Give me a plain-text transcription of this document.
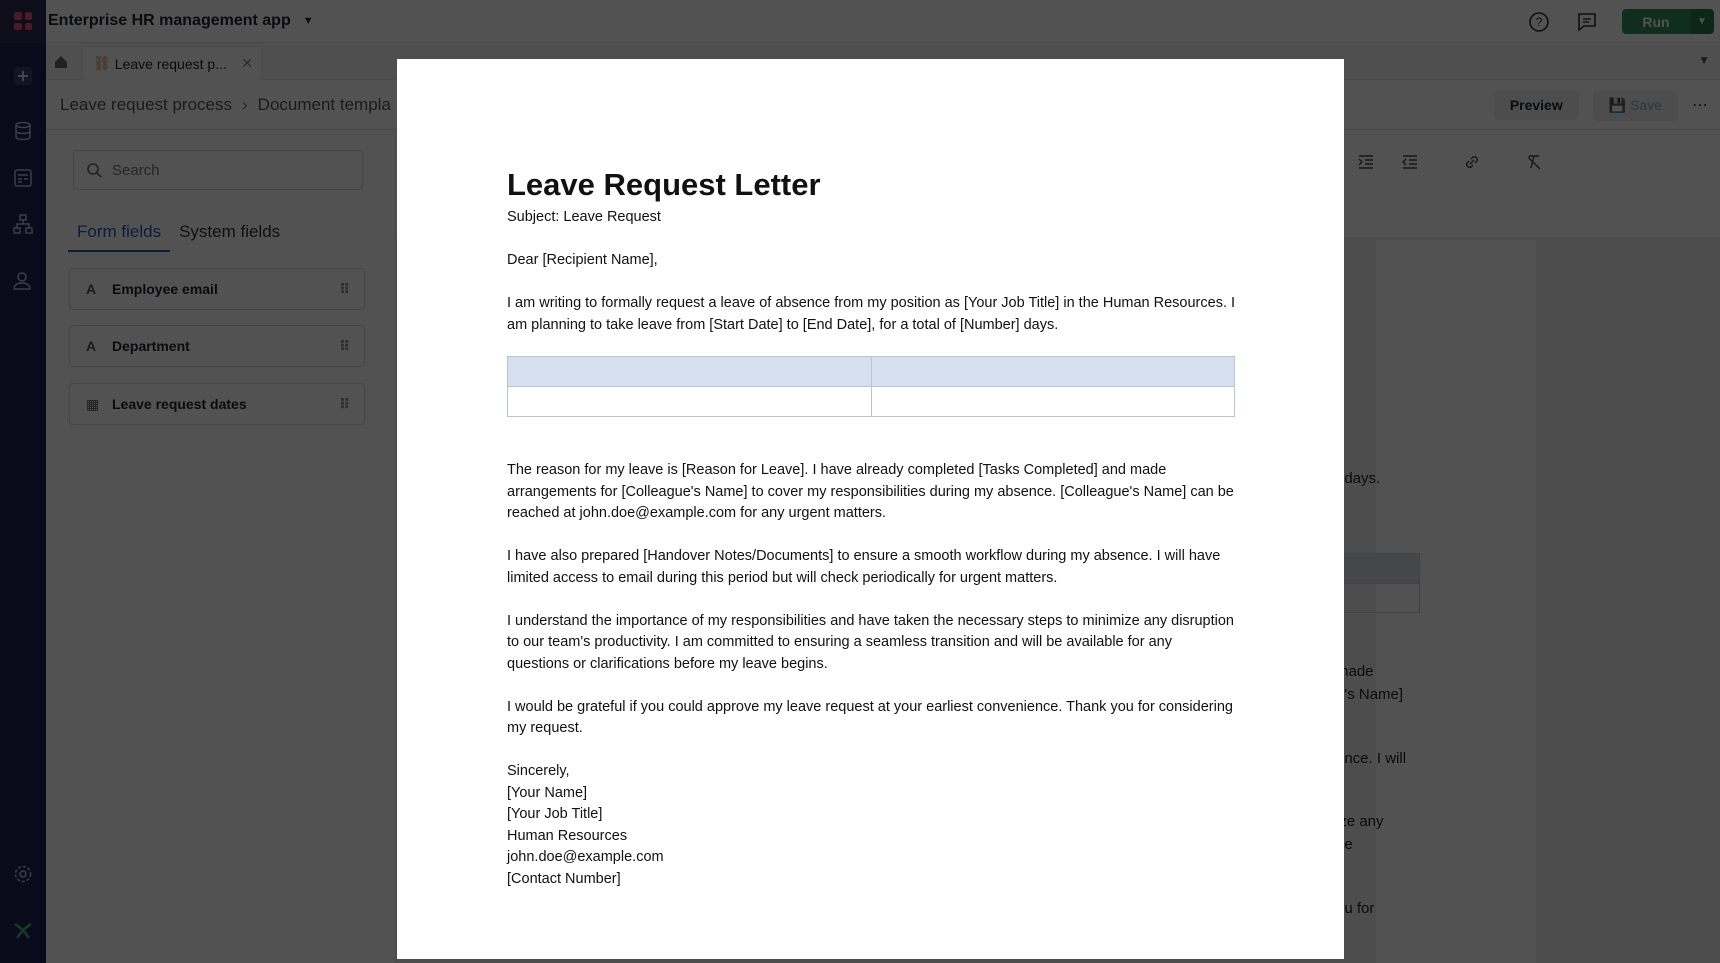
Search
Leave Request Letter
Subject: Leave Request
Dear [Recipient Name],
I am writing to formally request a leave of absence from my position as [Your Job Title] in the Human Resources. I am planning to take leave from [Start Date] to [End Date], for a total of [Number] days.

The reason for my leave is [Reason for Leave]. I have already completed [Tasks Completed] and made arrangements for [Colleague's Name] to cover my responsibilities during my absence. [Colleague's Name] can be reached at john.doe@example.com for any urgent matters.
I have also prepared [Handover Notes/Documents] to ensure a smooth workflow during my absence. I will have limited access to email during this period but will check periodically for urgent matters.
I understand the importance of my responsibilities and have taken the necessary steps to minimize any disruption to our team's productivity. I am committed to ensuring a seamless transition and will be available for any questions or clarifications before my leave begins.
I would be grateful if you could approve my leave request at your earliest convenience. Thank you for considering my request.
Sincerely,
[Your Name]
[Your Job Title]
Human Resources
john.doe@example.com
[Contact Number]
